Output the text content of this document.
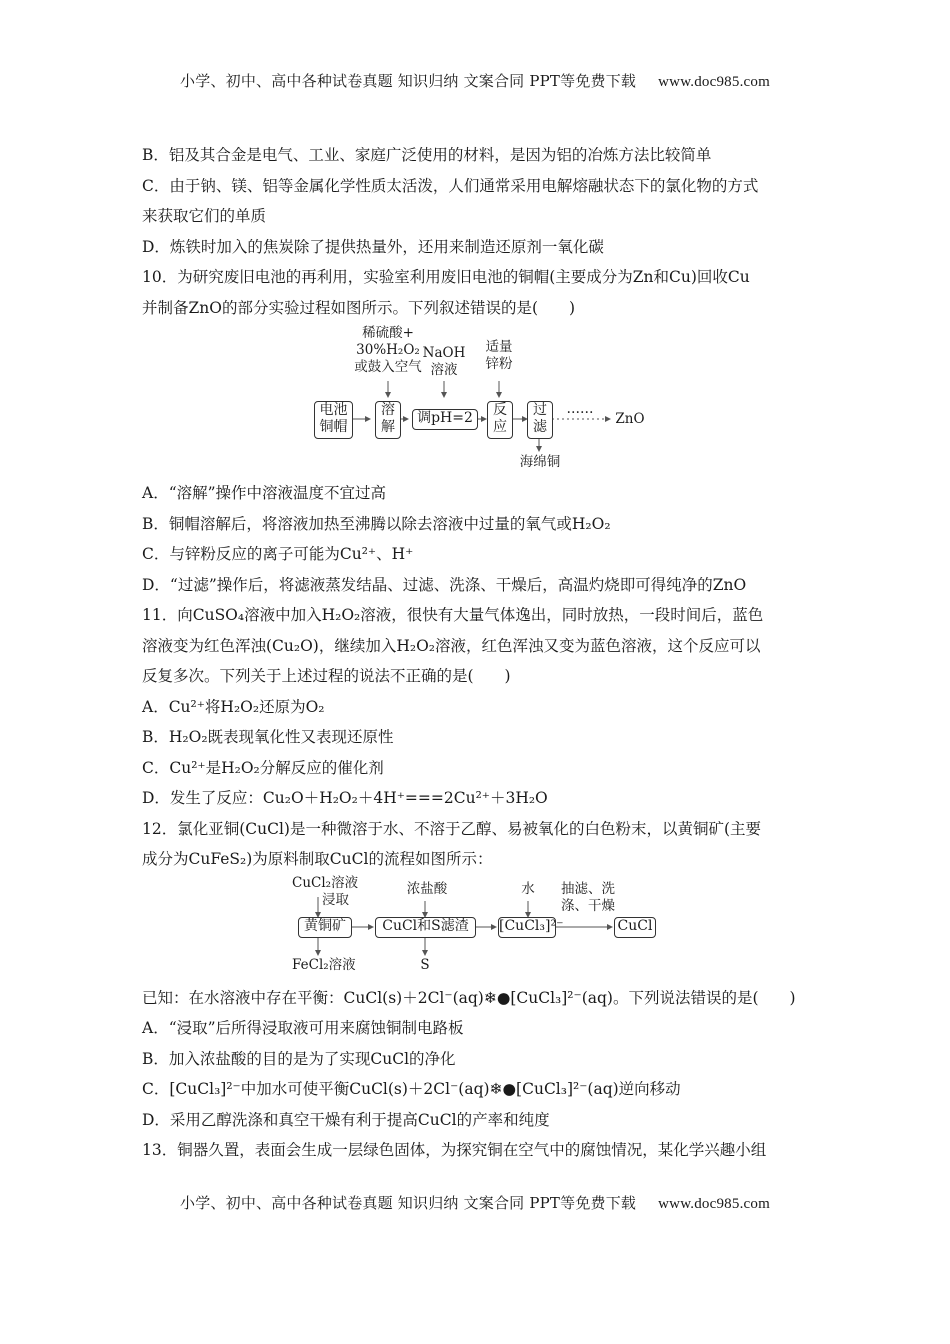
小学、初中、高中各种试卷真题 知识归纳 文案合同 PPT等免费下载 www.doc985.com
B．铝及其合金是电气、工业、家庭广泛使用的材料，是因为铝的冶炼方法比较简单
C．由于钠、镁、铝等金属化学性质太活泼，人们通常采用电解熔融状态下的氯化物的方式
来获取它们的单质
D．炼铁时加入的焦炭除了提供热量外，还用来制造还原剂一氧化碳
10．为研究废旧电池的再利用，实验室利用废旧电池的铜帽(主要成分为Zn和Cu)回收Cu
并制备ZnO的部分实验过程如图所示。下列叙述错误的是(　　)
稀硫酸+
30%H₂O₂
或鼓入空气
NaOH
溶液
适量
锌粉
电池
铜帽
溶
解
调pH=2	反
应
过
滤
……
ZnO
海绵铜
A．“溶解”操作中溶液温度不宜过高
B．铜帽溶解后，将溶液加热至沸腾以除去溶液中过量的氧气或H₂O₂
C．与锌粉反应的离子可能为Cu²⁺、H⁺
D．“过滤”操作后，将滤液蒸发结晶、过滤、洗涤、干燥后，高温灼烧即可得纯净的ZnO
11．向CuSO₄溶液中加入H₂O₂溶液，很快有大量气体逸出，同时放热，一段时间后，蓝色
溶液变为红色浑浊(Cu₂O)，继续加入H₂O₂溶液，红色浑浊又变为蓝色溶液，这个反应可以
反复多次。下列关于上述过程的说法不正确的是(　　)
A．Cu²⁺将H₂O₂还原为O₂
B．H₂O₂既表现氧化性又表现还原性
C．Cu²⁺是H₂O₂分解反应的催化剂
D．发生了反应：Cu₂O＋H₂O₂＋4H⁺===2Cu²⁺＋3H₂O
12．氯化亚铜(CuCl)是一种微溶于水、不溶于乙醇、易被氧化的白色粉末，以黄铜矿(主要
成分为CuFeS₂)为原料制取CuCl的流程如图所示：
CuCl₂溶液
浸取
浓盐酸	水	抽滤、洗
涤、干燥
黄铜矿	CuCl和S滤渣	[CuCl₃]²⁻	CuCl
FeCl₂溶液	S
已知：在水溶液中存在平衡：CuCl(s)＋2Cl⁻(aq)❄●[CuCl₃]²⁻(aq)。下列说法错误的是(　　)
A．“浸取”后所得浸取液可用来腐蚀铜制电路板
B．加入浓盐酸的目的是为了实现CuCl的净化
C．[CuCl₃]²⁻中加水可使平衡CuCl(s)＋2Cl⁻(aq)❄●[CuCl₃]²⁻(aq)逆向移动
D．采用乙醇洗涤和真空干燥有利于提高CuCl的产率和纯度
13．铜器久置，表面会生成一层绿色固体，为探究铜在空气中的腐蚀情况，某化学兴趣小组
小学、初中、高中各种试卷真题 知识归纳 文案合同 PPT等免费下载 www.doc985.com
